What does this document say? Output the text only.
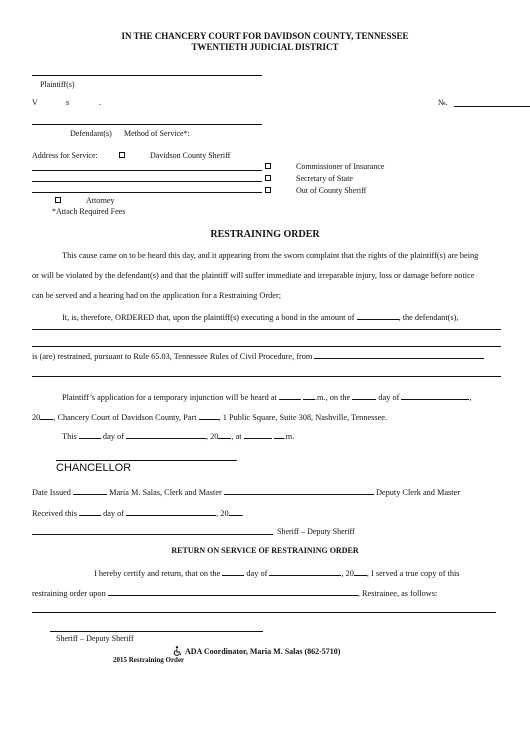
IN THE CHANCERY COURT FOR DAVIDSON COUNTY, TENNESSEE
TWENTIETH JUDICIAL DISTRICT
Plaintiff(s)
V	s	.	№.
Defendant(s) Method of Service*:
Address for Service:	Davidson County Sheriff
Commissioner of Insurance
Secretary of State
Out of County Sheriff
Attorney
*Attach Required Fees
RESTRAINING ORDER
This cause came on to be heard this day, and it appearing from the sworn complaint that the rights of the plaintiff(s) are being
or will be violated by the defendant(s) and that the plaintiff will suffer immediate and irreparable injury, loss or damage before notice
can be served and a hearing had on the application for a Restraining Order;
It, is, therefore, ORDERED that, upon the plaintiff(s) executing a bond in the amount of	, the defendant(s),
is (are) restrained, pursuant to Rule 65.03, Tennessee Rules of Civil Procedure, from
Plaintiff’s application for a temporary injunction will be heard at	.m., on the	day of	,
20 , Chancery Court of Davidson County, Part	, 1 Public Square, Suite 308, Nashville, Tennessee.
This	day of	, 20 , at	.m.
CHANCELLOR
Date Issued	Maria M. Salas, Clerk and Master	Deputy Clerk and Master
Received this	day of	, 20 .
Sheriff – Deputy Sheriff
RETURN ON SERVICE OF RESTRAINING ORDER
I hereby certify and return, that on the	day of	, 20 , I served a true copy of this
restraining order upon	, Restrainee, as follows:
Sheriff – Deputy Sheriff
ADA Coordinator, Maria M. Salas (862-5710)
2015 Restraining Order
